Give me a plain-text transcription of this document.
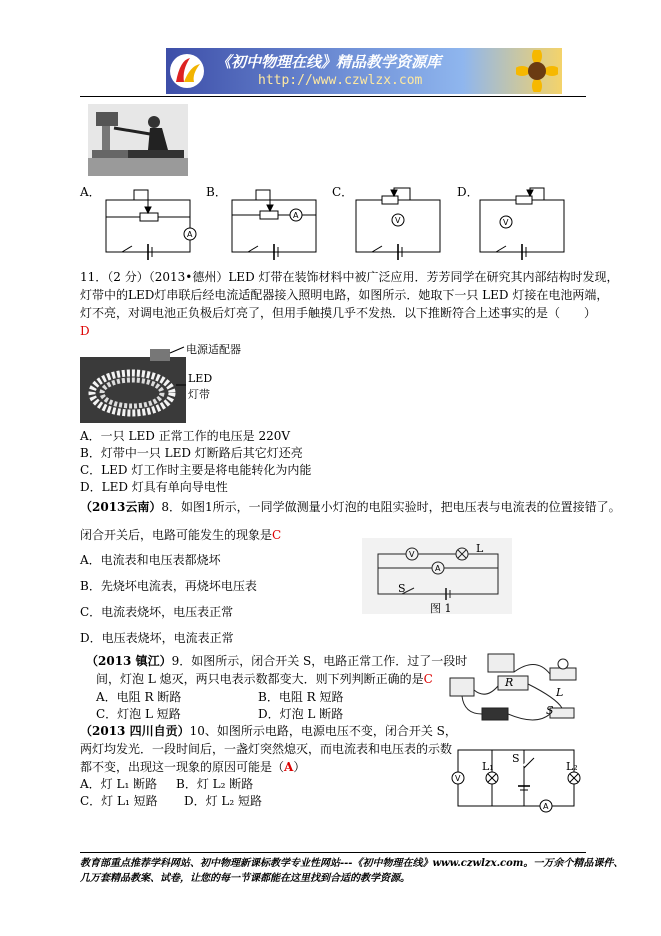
《初中物理在线》精品教学资源库
http://www.czwlzx.com
A．	B．	C．	D．
A
A
V	V
11．（2 分）（2013•德州）LED 灯带在装饰材料中被广泛应用．芳芳同学在研究其内部结构时发现，
灯带中的LED灯串联后经电流适配器接入照明电路，如图所示．她取下一只 LED 灯接在电池两端，
灯不亮，对调电池正负极后灯亮了，但用手触摸几乎不发热．以下推断符合上述事实的是（　　）
D
电源适配器
LED
灯带
A．一只 LED 正常工作的电压是 220V
B．灯带中一只 LED 灯断路后其它灯还亮
C．LED 灯工作时主要是将电能转化为内能
D．LED 灯具有单向导电性
（2013云南）8．如图1所示，一同学做测量小灯泡的电阻实验时，把电压表与电流表的位置接错了。
闭合开关后，电路可能发生的现象是C
A．电流表和电压表都烧坏
B．先烧坏电流表，再烧坏电压表
C．电流表烧坏，电压表正常
D．电压表烧坏，电流表正常
V
A
L
S
图 1
（2013 镇江）9．如图所示，闭合开关 S，电路正常工作．过了一段时
间，灯泡 L 熄灭，两只电表示数都变大．则下列判断正确的是C
A．电阻 R 断路	B．电阻 R 短路
C．灯泡 L 短路	D．灯泡 L 断路
R
L
S
（2013 四川自贡）10、如图所示电路，电源电压不变，闭合开关 S，
两灯均发光．一段时间后，一盏灯突然熄灭，而电流表和电压表的示数
都不变，出现这一现象的原因可能是（A）
A．灯 L₁ 断路 B．灯 L₂ 断路
C．灯 L₁ 短路 D．灯 L₂ 短路
V
A
L₁
S
L₂
教育部重点推荐学科网站、初中物理新课标教学专业性网站---《初中物理在线》www.czwlzx.com。一万余个精品课件、
几万套精品教案、试卷，让您的每一节课都能在这里找到合适的教学资源。
